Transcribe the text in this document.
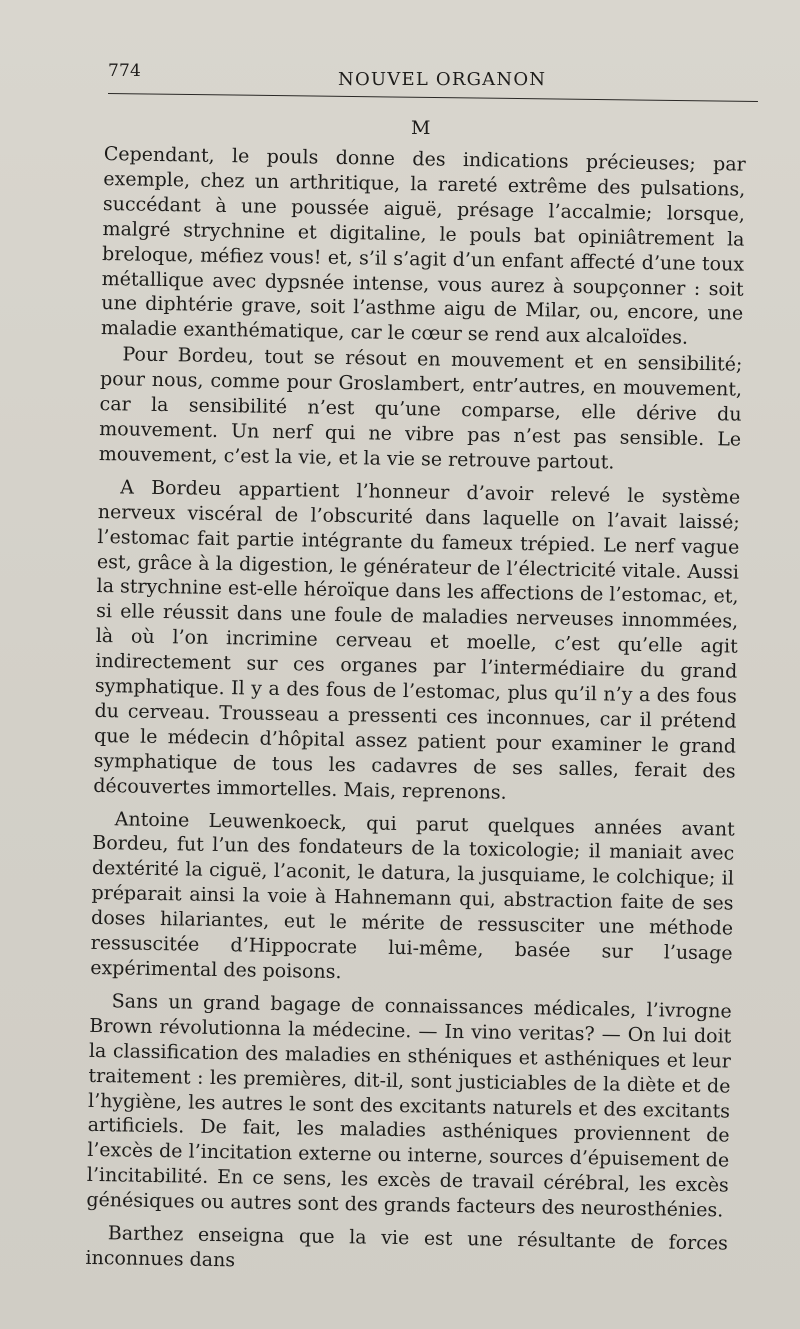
774	NOUVEL ORGANON
M

Cependant, le pouls donne des indications précieuses; par exemple, chez un arthritique, la rareté extrême des pulsations, succédant à une poussée aiguë, présage l’accalmie; lorsque, malgré strychnine et digitaline, le pouls bat opiniâtrement la breloque, méfiez vous! et, s’il s’agit d’un enfant affecté d’une toux métallique avec dypsnée intense, vous aurez à soupçonner : soit une diphtérie grave, soit l’asthme aigu de Milar, ou, encore, une maladie exanthématique, car le cœur se rend aux alcaloïdes.

Pour Bordeu, tout se résout en mouvement et en sensibilité; pour nous, comme pour Groslambert, entr’autres, en mouvement, car la sensibilité n’est qu’une comparse, elle dérive du mouvement. Un nerf qui ne vibre pas n’est pas sensible. Le mouvement, c’est la vie, et la vie se retrouve partout.

A Bordeu appartient l’honneur d’avoir relevé le système nerveux viscéral de l’obscurité dans laquelle on l’avait laissé; l’estomac fait partie intégrante du fameux trépied. Le nerf vague est, grâce à la digestion, le générateur de l’électricité vitale. Aussi la strychnine est-elle héroïque dans les affections de l’estomac, et, si elle réussit dans une foule de maladies nerveuses innommées, là où l’on incrimine cerveau et moelle, c’est qu’elle agit indirectement sur ces organes par l’intermédiaire du grand symphatique. Il y a des fous de l’estomac, plus qu’il n’y a des fous du cerveau. Trousseau a pressenti ces inconnues, car il prétend que le médecin d’hôpital assez patient pour examiner le grand symphatique de tous les cadavres de ses salles, ferait des découvertes immortelles. Mais, reprenons.

Antoine Leuwenkoeck, qui parut quelques années avant Bordeu, fut l’un des fondateurs de la toxicologie; il maniait avec dextérité la ciguë, l’aconit, le datura, la jusquiame, le colchique; il préparait ainsi la voie à Hahnemann qui, abstraction faite de ses doses hilariantes, eut le mérite de ressusciter une méthode ressuscitée d’Hippocrate lui-même, basée sur l’usage expérimental des poisons.

Sans un grand bagage de connaissances médicales, l’ivrogne Brown révolutionna la médecine. — In vino veritas? — On lui doit la classification des maladies en sthéniques et asthéniques et leur traitement : les premières, dit-il, sont justiciables de la diète et de l’hygiène, les autres le sont des excitants naturels et des excitants artificiels. De fait, les maladies asthéniques proviennent de l’excès de l’incitation externe ou interne, sources d’épuisement de l’incitabilité. En ce sens, les excès de travail cérébral, les excès génésiques ou autres sont des grands facteurs des neurosthénies.

Barthez enseigna que la vie est une résultante de forces inconnues dans
